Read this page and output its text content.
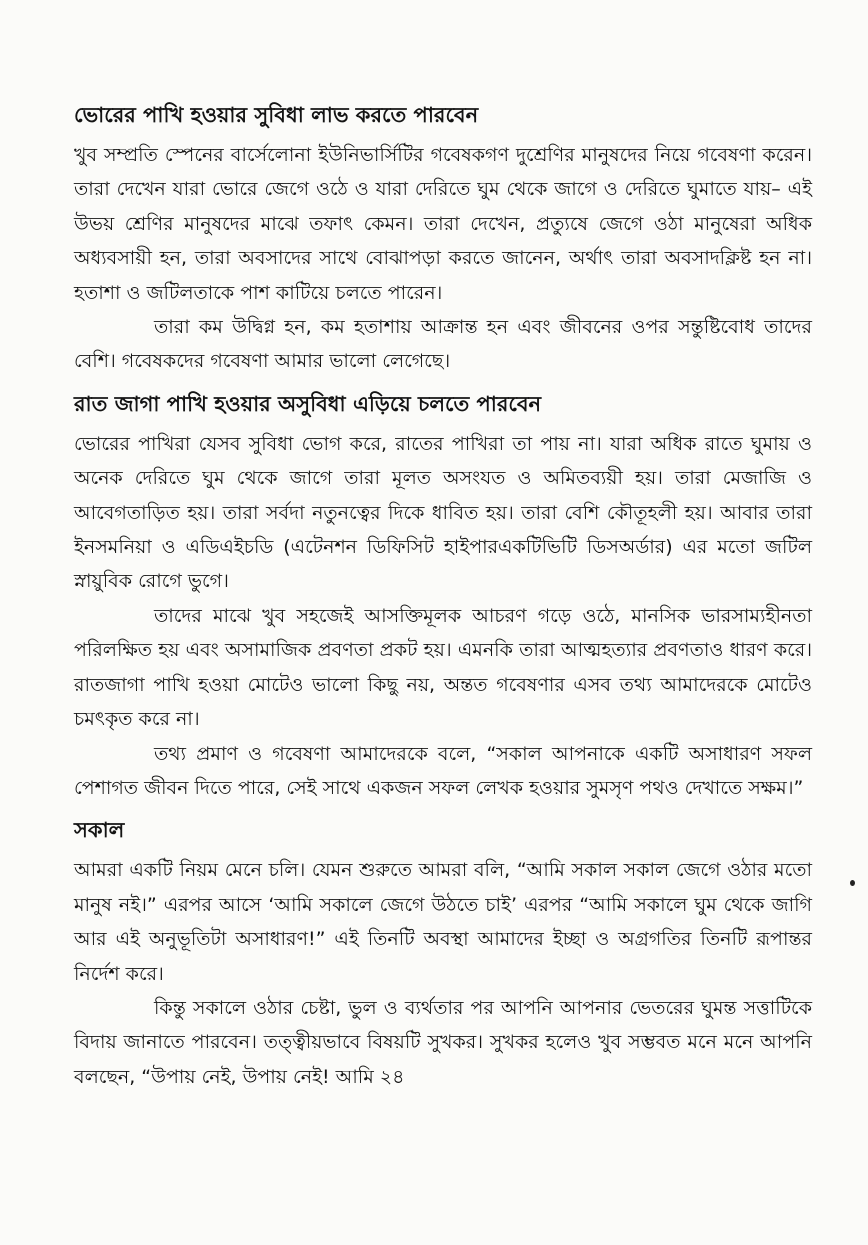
ভোরের পাখি হওয়ার সুবিধা লাভ করতে পারবেন

খুব সম্প্রতি স্পেনের বার্সেলোনা ইউনিভার্সিটির গবেষকগণ দুশ্রেণির মানুষদের নিয়ে গবেষণা করেন। তারা দেখেন যারা ভোরে জেগে ওঠে ও যারা দেরিতে ঘুম থেকে জাগে ও দেরিতে ঘুমাতে যায়– এই উভয় শ্রেণির মানুষদের মাঝে তফাৎ কেমন। তারা দেখেন, প্রত্যুষে জেগে ওঠা মানুষেরা অধিক অধ্যবসায়ী হন, তারা অবসাদের সাথে বোঝাপড়া করতে জানেন, অর্থাৎ তারা অবসাদক্লিষ্ট হন না। হতাশা ও জটিলতাকে পাশ কাটিয়ে চলতে পারেন।

তারা কম উদ্বিগ্ন হন, কম হতাশায় আক্রান্ত হন এবং জীবনের ওপর সন্তুষ্টিবোধ তাদের বেশি। গবেষকদের গবেষণা আমার ভালো লেগেছে।

রাত জাগা পাখি হওয়ার অসুবিধা এড়িয়ে চলতে পারবেন

ভোরের পাখিরা যেসব সুবিধা ভোগ করে, রাতের পাখিরা তা পায় না। যারা অধিক রাতে ঘুমায় ও অনেক দেরিতে ঘুম থেকে জাগে তারা মূলত অসংযত ও অমিতব্যয়ী হয়। তারা মেজাজি ও আবেগতাড়িত হয়। তারা সর্বদা নতুনত্বের দিকে ধাবিত হয়। তারা বেশি কৌতূহলী হয়। আবার তারা ইনসমনিয়া ও এডিএইচডি (এটেনশন ডিফিসিট হাইপারএকটিভিটি ডিসঅর্ডার) এর মতো জটিল স্নায়ুবিক রোগে ভুগে।

তাদের মাঝে খুব সহজেই আসক্তিমূলক আচরণ গড়ে ওঠে, মানসিক ভারসাম্যহীনতা পরিলক্ষিত হয় এবং অসামাজিক প্রবণতা প্রকট হয়। এমনকি তারা আত্মহত্যার প্রবণতাও ধারণ করে। রাতজাগা পাখি হওয়া মোটেও ভালো কিছু নয়, অন্তত গবেষণার এসব তথ্য আমাদেরকে মোটেও চমৎকৃত করে না।

তথ্য প্রমাণ ও গবেষণা আমাদেরকে বলে, “সকাল আপনাকে একটি অসাধারণ সফল পেশাগত জীবন দিতে পারে, সেই সাথে একজন সফল লেখক হওয়ার সুমসৃণ পথও দেখাতে সক্ষম।”

সকাল

আমরা একটি নিয়ম মেনে চলি। যেমন শুরুতে আমরা বলি, “আমি সকাল সকাল জেগে ওঠার মতো মানুষ নই।” এরপর আসে ‘আমি সকালে জেগে উঠতে চাই’ এরপর “আমি সকালে ঘুম থেকে জাগি আর এই অনুভূতিটা অসাধারণ!” এই তিনটি অবস্থা আমাদের ইচ্ছা ও অগ্রগতির তিনটি রূপান্তর নির্দেশ করে।

কিন্তু সকালে ওঠার চেষ্টা, ভুল ও ব্যর্থতার পর আপনি আপনার ভেতরের ঘুমন্ত সত্তাটিকে বিদায় জানাতে পারবেন। তত্ত্বীয়ভাবে বিষয়টি সুখকর। সুখকর হলেও খুব সম্ভবত মনে মনে আপনি বলছেন, “উপায় নেই, উপায় নেই! আমি ২৪
